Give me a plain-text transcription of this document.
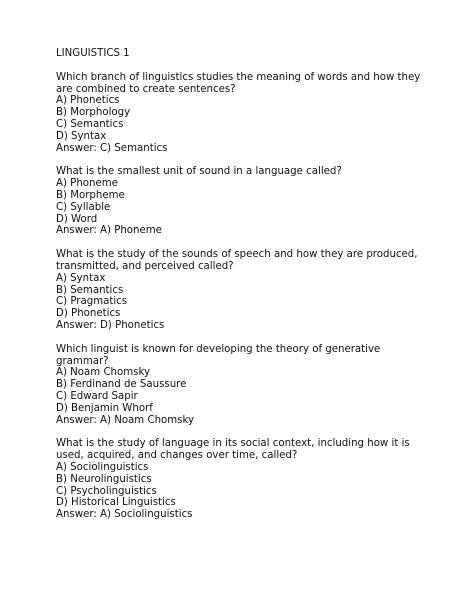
LINGUISTICS 1
Which branch of linguistics studies the meaning of words and how they
are combined to create sentences?
A) Phonetics
B) Morphology
C) Semantics
D) Syntax
Answer: C) Semantics
What is the smallest unit of sound in a language called?
A) Phoneme
B) Morpheme
C) Syllable
D) Word
Answer: A) Phoneme
What is the study of the sounds of speech and how they are produced,
transmitted, and perceived called?
A) Syntax
B) Semantics
C) Pragmatics
D) Phonetics
Answer: D) Phonetics
Which linguist is known for developing the theory of generative
grammar?
A) Noam Chomsky
B) Ferdinand de Saussure
C) Edward Sapir
D) Benjamin Whorf
Answer: A) Noam Chomsky
What is the study of language in its social context, including how it is
used, acquired, and changes over time, called?
A) Sociolinguistics
B) Neurolinguistics
C) Psycholinguistics
D) Historical Linguistics
Answer: A) Sociolinguistics
